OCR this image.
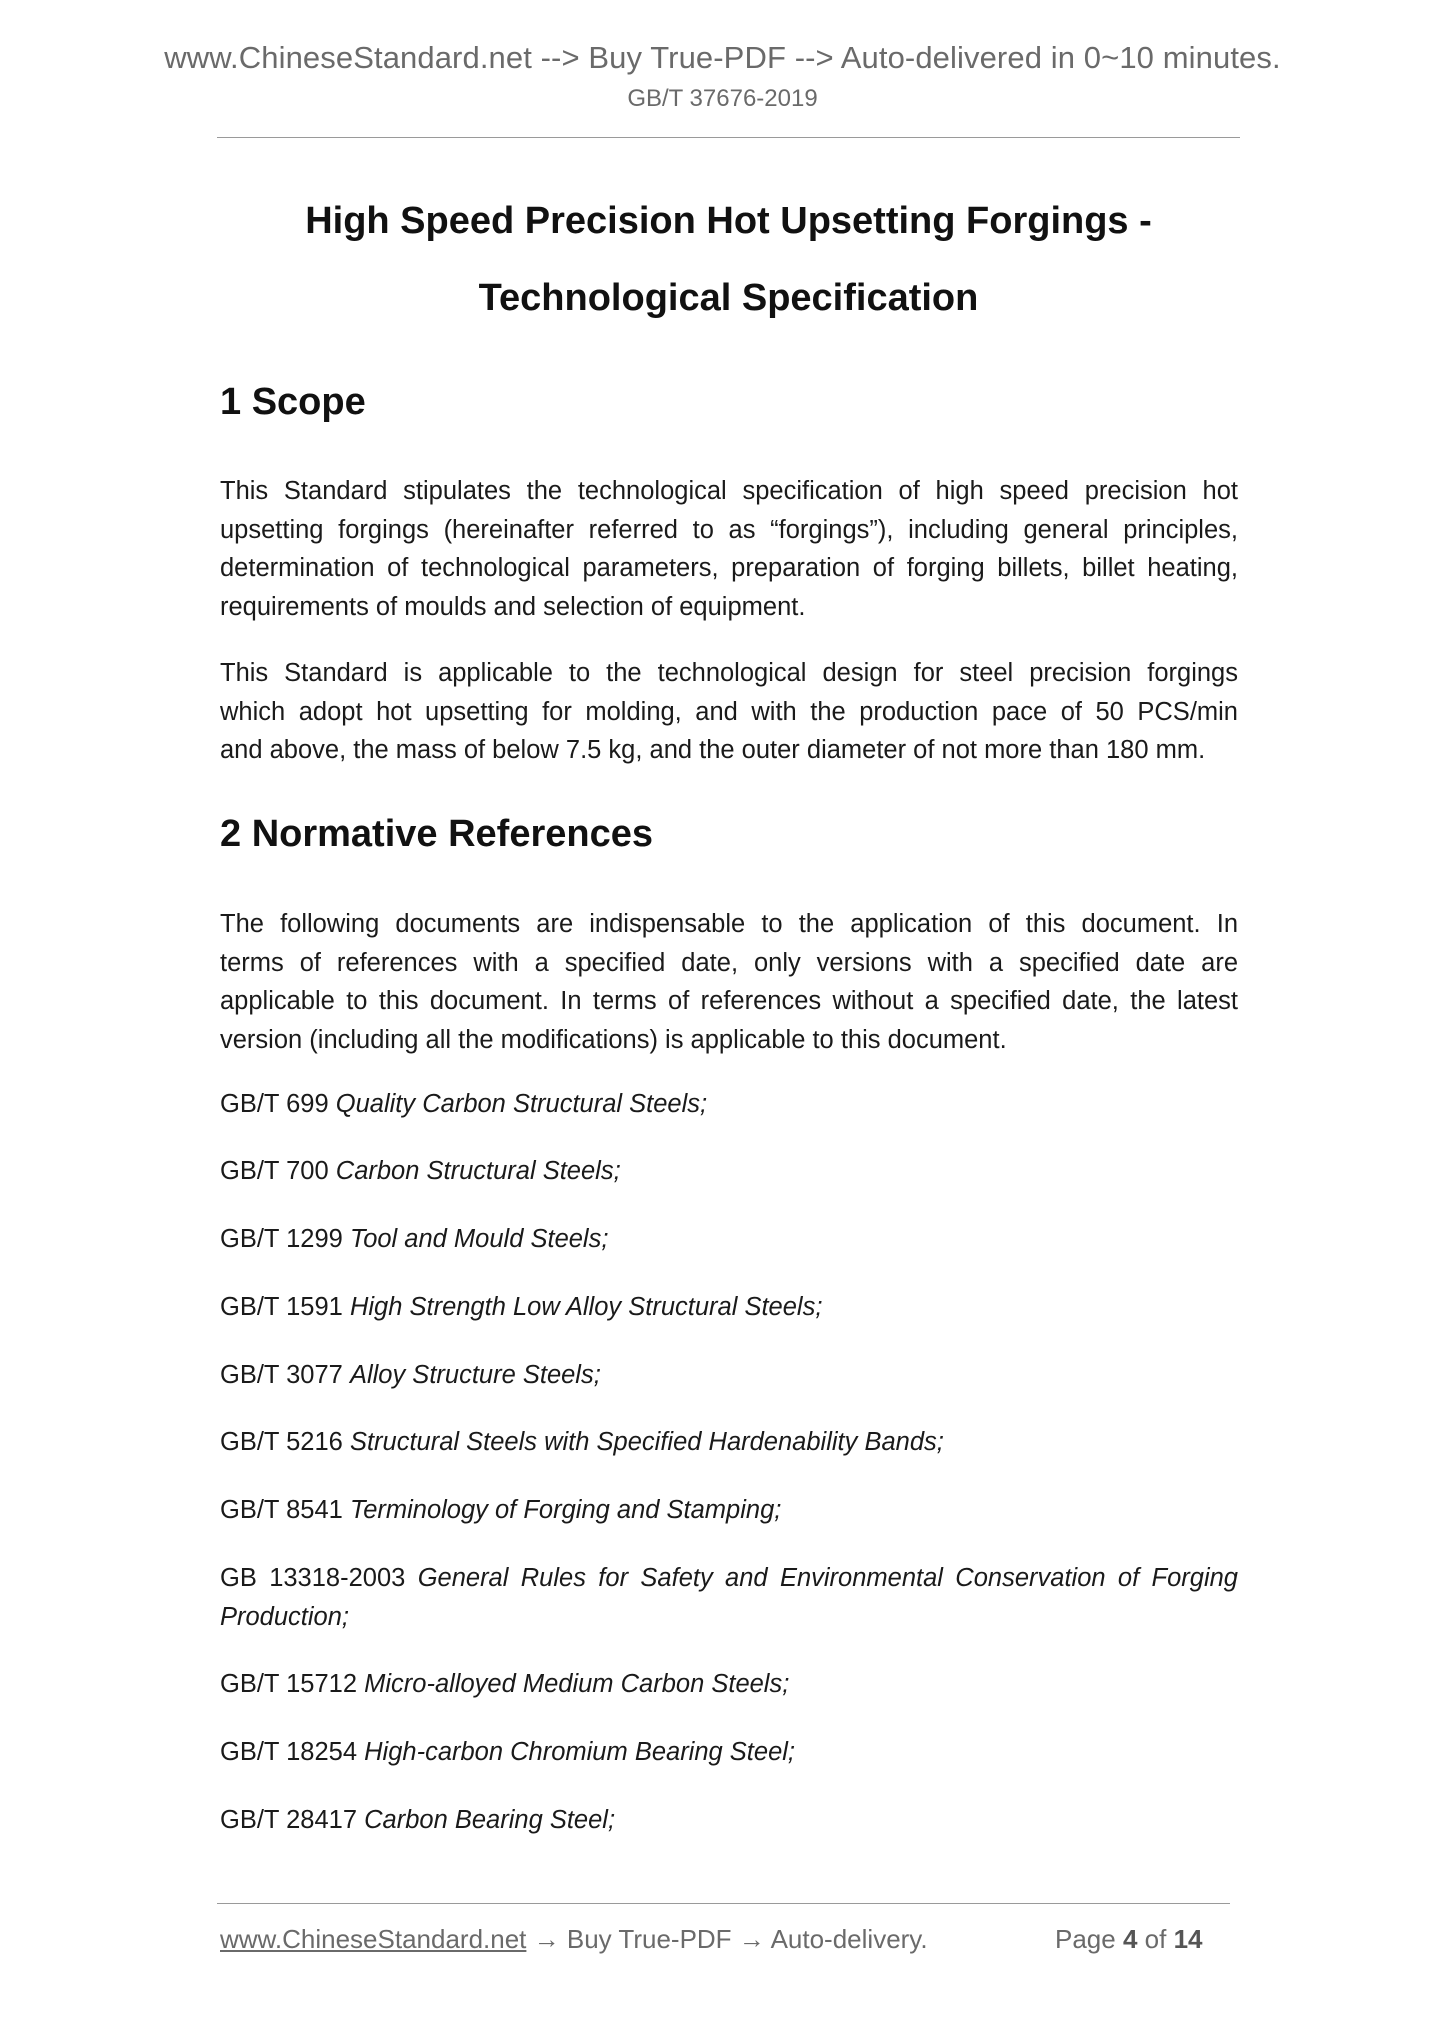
www.ChineseStandard.net --> Buy True-PDF --> Auto-delivered in 0~10 minutes.
GB/T 37676-2019
High Speed Precision Hot Upsetting Forgings -
Technological Specification
1 Scope
This Standard stipulates the technological specification of high speed precision hot
upsetting forgings (hereinafter referred to as “forgings”), including general principles,
determination of technological parameters, preparation of forging billets, billet heating,
requirements of moulds and selection of equipment.
This Standard is applicable to the technological design for steel precision forgings
which adopt hot upsetting for molding, and with the production pace of 50 PCS/min
and above, the mass of below 7.5 kg, and the outer diameter of not more than 180 mm.
2 Normative References
The following documents are indispensable to the application of this document. In
terms of references with a specified date, only versions with a specified date are
applicable to this document. In terms of references without a specified date, the latest
version (including all the modifications) is applicable to this document.
GB/T 699 Quality Carbon Structural Steels;
GB/T 700 Carbon Structural Steels;
GB/T 1299 Tool and Mould Steels;
GB/T 1591 High Strength Low Alloy Structural Steels;
GB/T 3077 Alloy Structure Steels;
GB/T 5216 Structural Steels with Specified Hardenability Bands;
GB/T 8541 Terminology of Forging and Stamping;
GB 13318-2003 General Rules for Safety and Environmental Conservation of Forging
Production;
GB/T 15712 Micro-alloyed Medium Carbon Steels;
GB/T 18254 High-carbon Chromium Bearing Steel;
GB/T 28417 Carbon Bearing Steel;
www.ChineseStandard.net → Buy True-PDF → Auto-delivery.	Page 4 of 14
